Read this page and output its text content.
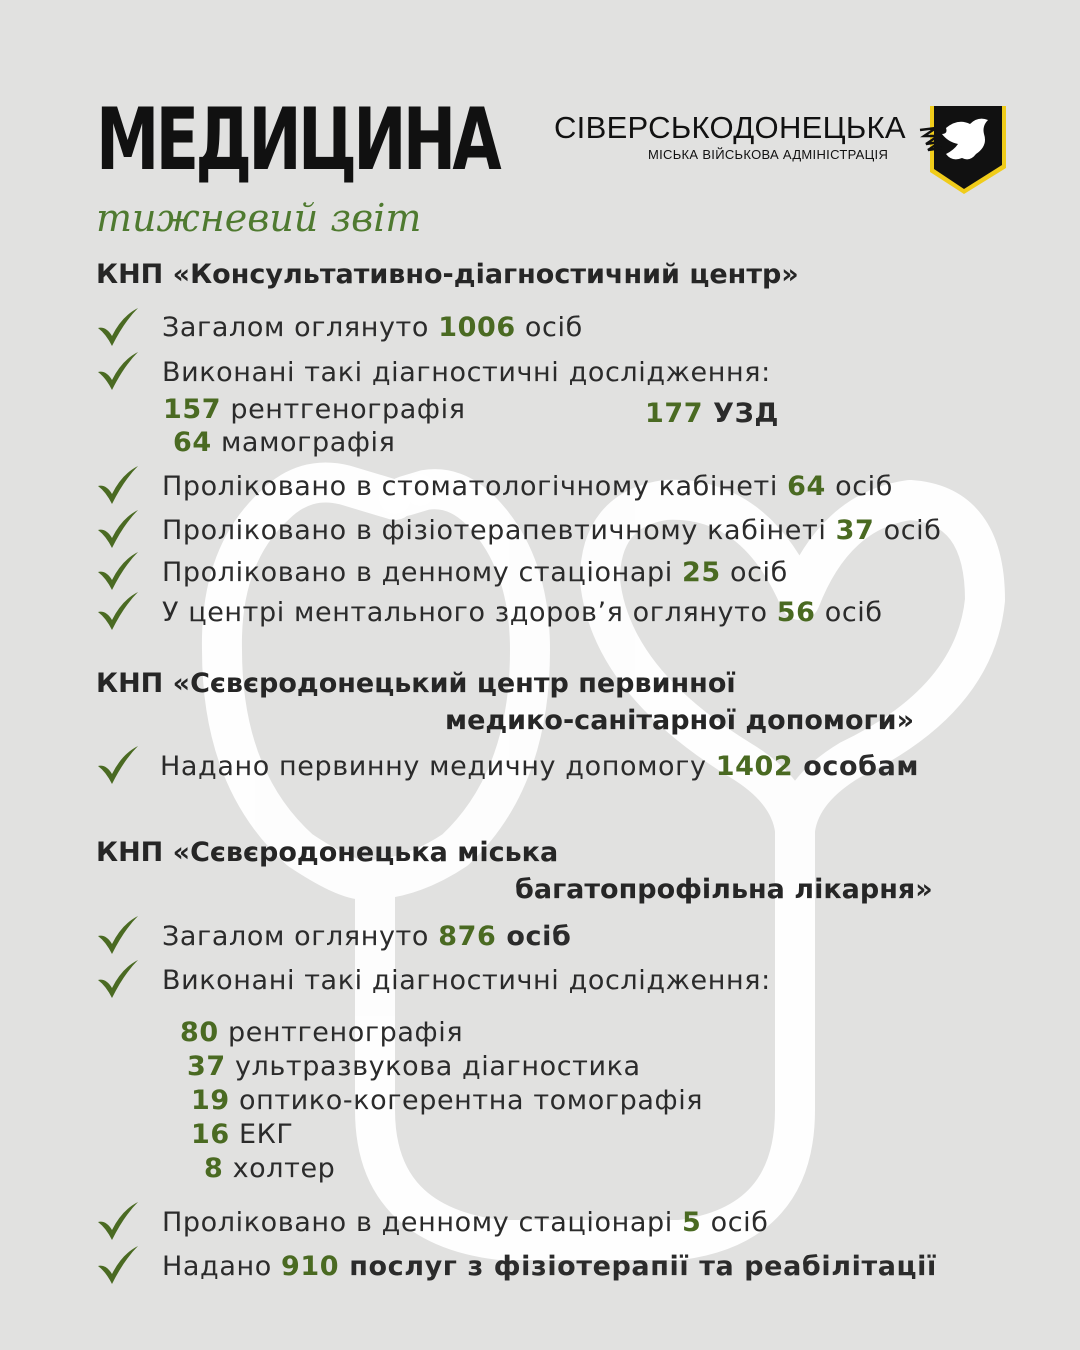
МЕДИЦИНА
тижневий звіт
СІВЕРСЬКОДОНЕЦЬКА
МІСЬКА ВІЙСЬКОВА АДМІНІСТРАЦІЯ
КНП «Консультативно-діагностичний центр»
Загалом оглянуто 1006 осіб
Виконані такі діагностичні дослідження:
157 рентгенографія
64 мамографія
177 УЗД
Проліковано в стоматологічному кабінеті 64 осіб
Проліковано в фізіотерапевтичному кабінеті 37 осіб
Проліковано в денному стаціонарі 25 осіб
У центрі ментального здоров’я оглянуто 56 осіб
КНП «Сєвєродонецький центр первинної
медико-санітарної допомоги»
Надано первинну медичну допомогу 1402 особам
КНП «Сєвєродонецька міська
багатопрофільна лікарня»
Загалом оглянуто 876 осіб
Виконані такі діагностичні дослідження:
80 рентгенографія
37 ультразвукова діагностика
19 оптико-когерентна томографія
16 ЕКГ
8 холтер
Проліковано в денному стаціонарі 5 осіб
Надано 910 послуг з фізіотерапії та реабілітації
